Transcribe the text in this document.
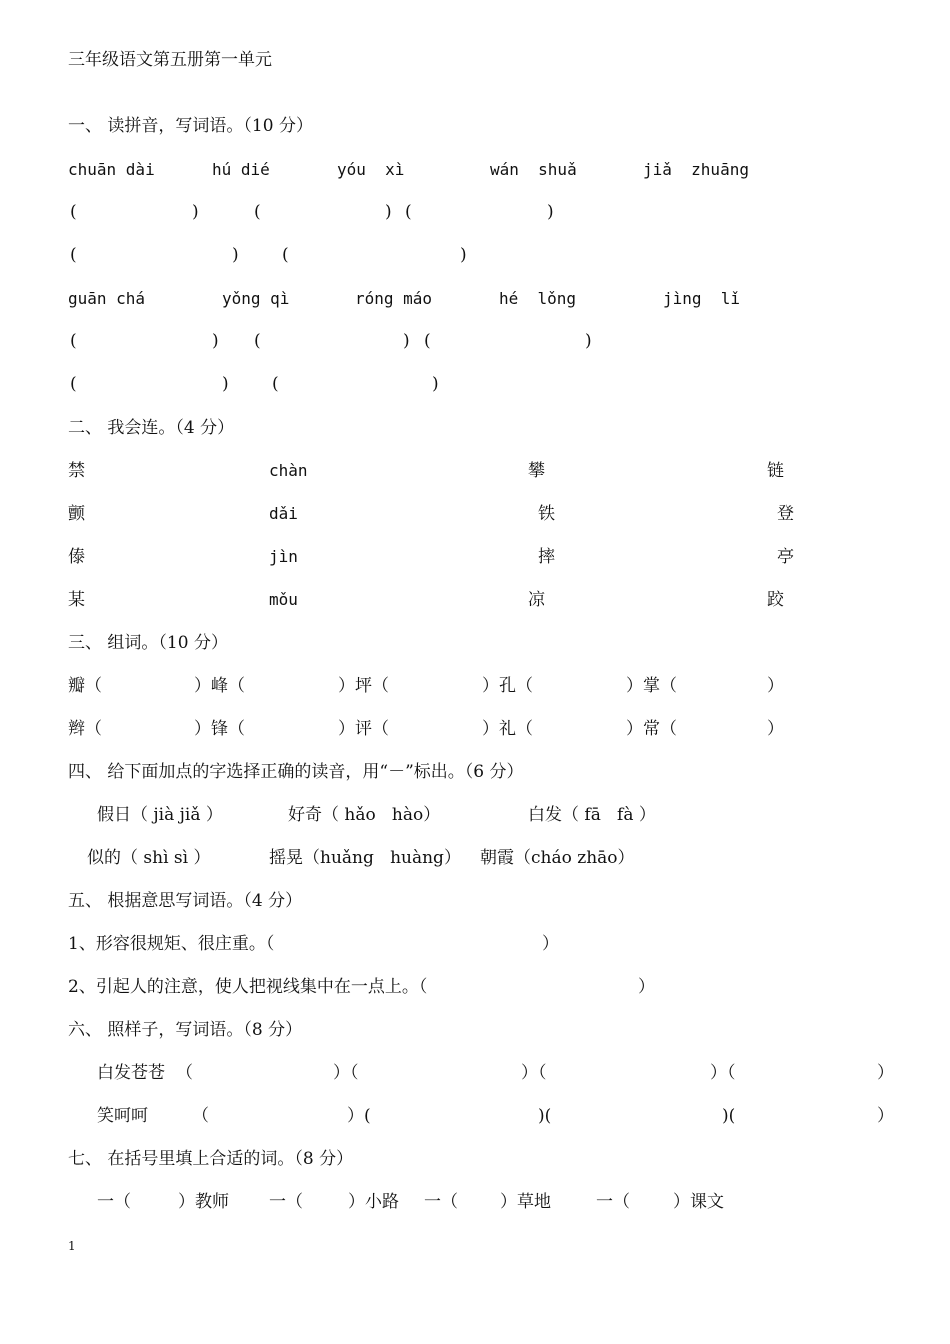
三年级语文第五册第一单元
一、 读拼音，写词语。（10 分）
chuān dài	hú dié	yóu  xì	wán  shuǎ	jiǎ  zhuāng
(	)	(	) (	)
(	)	(	)
guān chá	yǒng qì	róng máo	hé  lǒng	jìng  lǐ
(	) (	) (	)
(	)	(	)
二、 我会连。（4 分）
禁	chàn	攀	链
颤	dǎi	铁	登
傣	jìn	摔	亭
某	mǒu	凉	跤
三、 组词。（10 分）
瓣（	）峰（	）坪（	）孔（	）掌（	）
辫（	）锋（	）评（	）礼（	）常（	）
四、 给下面加点的字选择正确的读音，用“－”标出。（6 分）
假日（ jià jiǎ ）	好奇（ hǎo   hào）	白发（ fā   fà ）
似的（ shì sì ）	摇晃（huǎng   huàng） 朝霞（cháo zhāo）
五、 根据意思写词语。（4 分）
1、形容很规矩、很庄重。（	）
2、引起人的注意，使人把视线集中在一点上。（	）
六、 照样子，写词语。（8 分）
白发苍苍 （	）（	）（	）（	）
笑呵呵	（	）(	)(	)(	）
七、 在括号里填上合适的词。（8 分）
一（	）教师 一（	）小路 一（ ）草地	一（	）课文
1
